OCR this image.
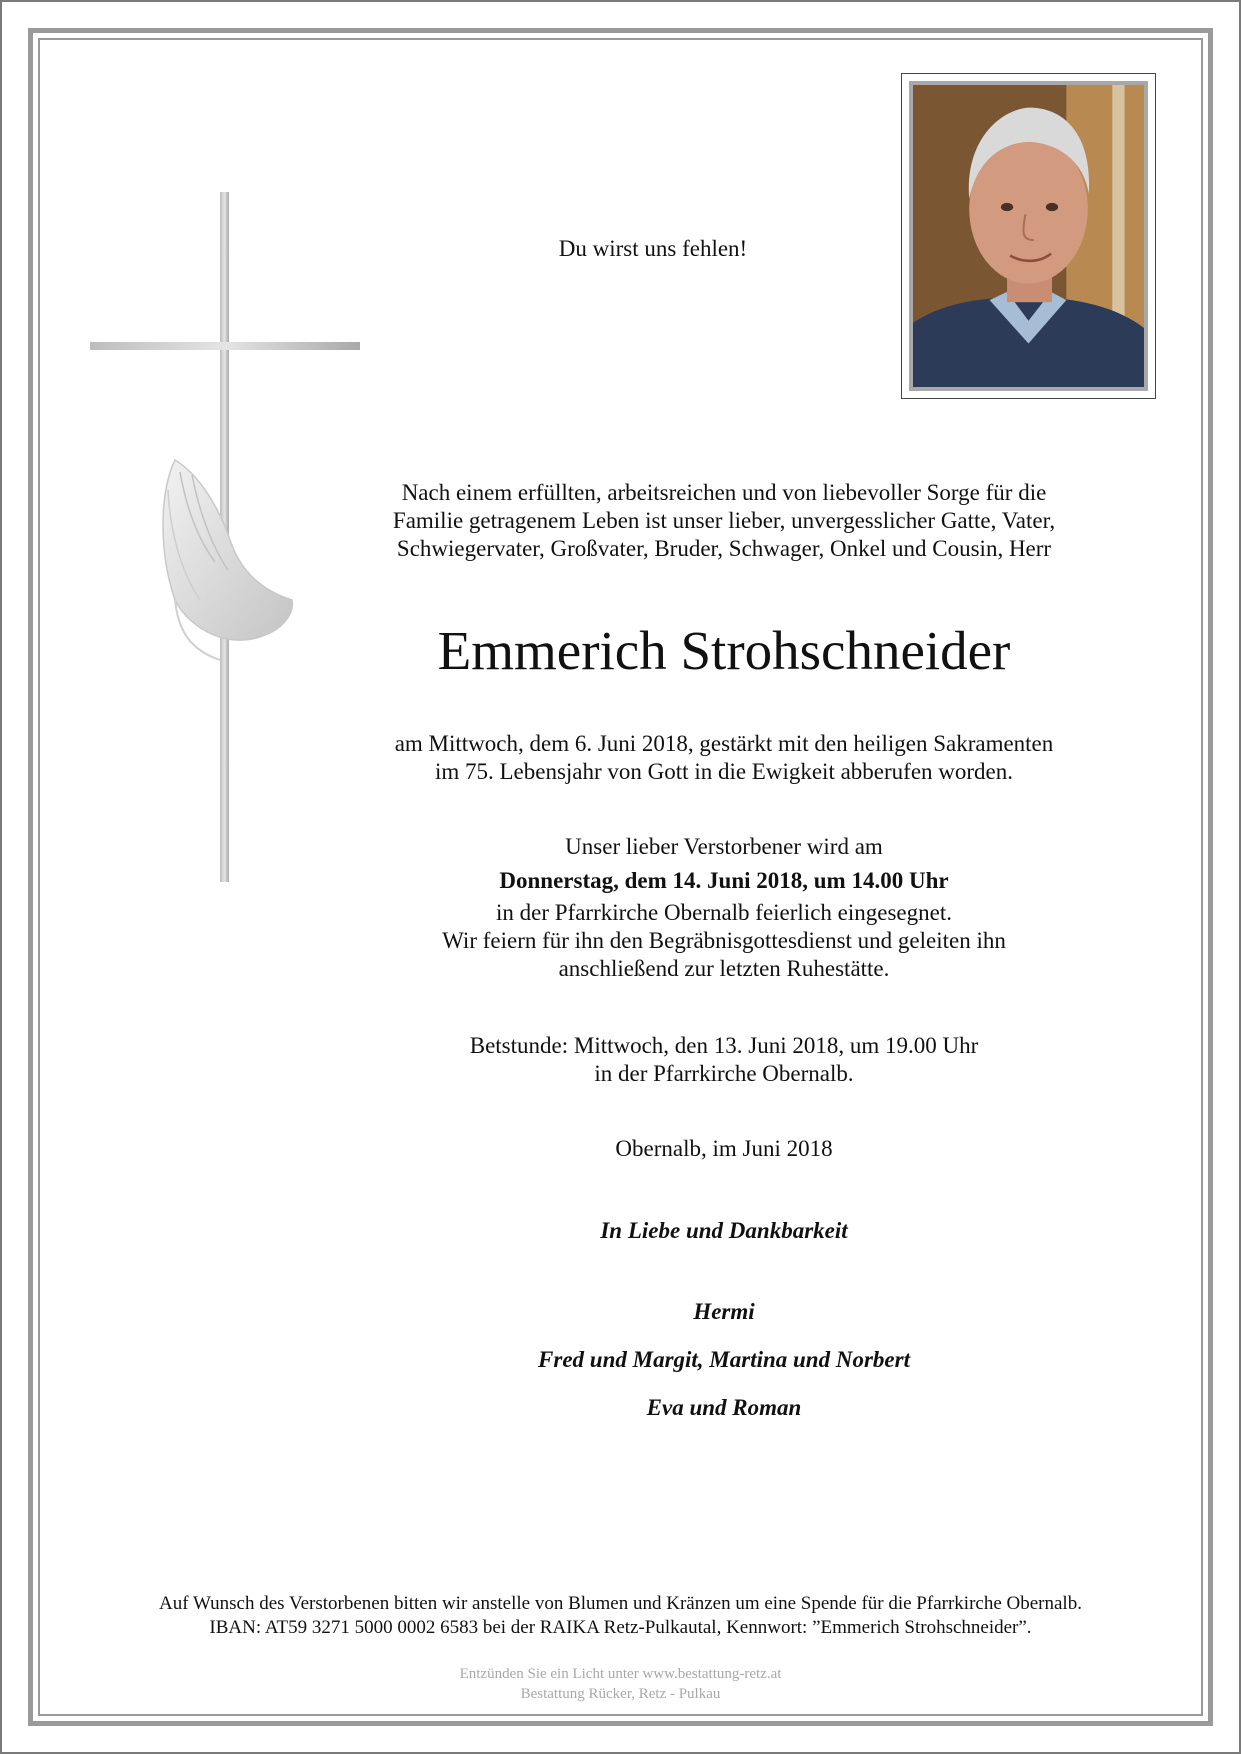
Du wirst uns fehlen!
Nach einem erfüllten, arbeitsreichen und von liebevoller Sorge für die
Familie getragenem Leben ist unser lieber, unvergesslicher Gatte, Vater,
Schwiegervater, Großvater, Bruder, Schwager, Onkel und Cousin, Herr
Emmerich Strohschneider
am Mittwoch, dem 6. Juni 2018, gestärkt mit den heiligen Sakramenten
im 75. Lebensjahr von Gott in die Ewigkeit abberufen worden.
Unser lieber Verstorbener wird am
Donnerstag, dem 14. Juni 2018, um 14.00 Uhr
in der Pfarrkirche Obernalb feierlich eingesegnet.
Wir feiern für ihn den Begräbnisgottesdienst und geleiten ihn
anschließend zur letzten Ruhestätte.
Betstunde: Mittwoch, den 13. Juni 2018, um 19.00 Uhr
in der Pfarrkirche Obernalb.
Obernalb, im Juni 2018
In Liebe und Dankbarkeit
Hermi
Fred und Margit, Martina und Norbert
Eva und Roman
Auf Wunsch des Verstorbenen bitten wir anstelle von Blumen und Kränzen um eine Spende für die Pfarrkirche Obernalb.
IBAN: AT59 3271 5000 0002 6583 bei der RAIKA Retz-Pulkautal, Kennwort: ”Emmerich Strohschneider”.
Entzünden Sie ein Licht unter www.bestattung-retz.at
Bestattung Rücker, Retz - Pulkau
